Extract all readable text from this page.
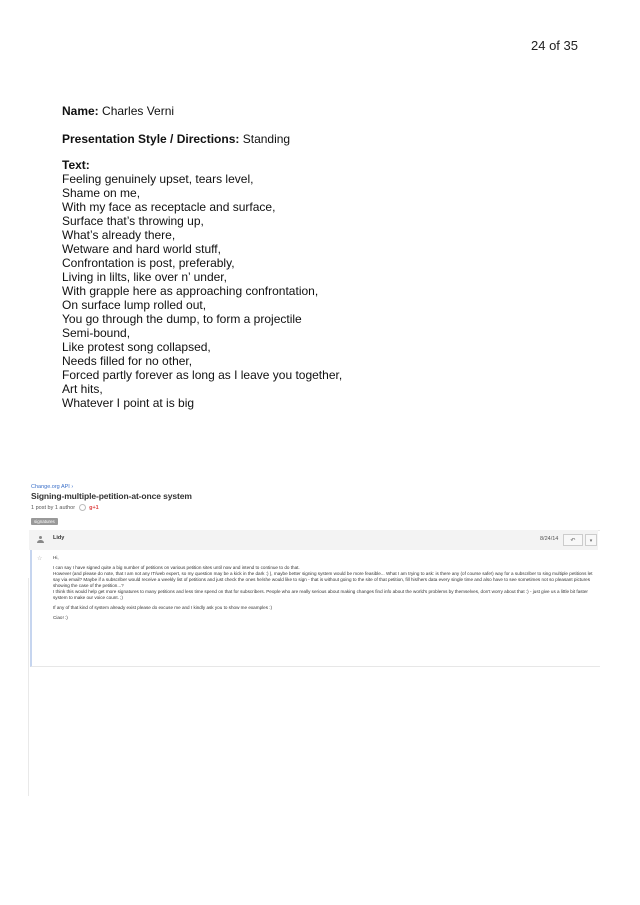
24 of 35
Name: Charles Verni
Presentation Style / Directions: Standing
Text:
Feeling genuinely upset, tears level,
Shame on me,
With my face as receptacle and surface,
Surface that’s throwing up,
What’s already there,
Wetware and hard world stuff,
Confrontation is post, preferably,
Living in lilts, like over n’ under,
With grapple here as approaching confrontation,
On surface lump rolled out,
You go through the dump, to form a projectile
Semi-bound,
Like protest song collapsed,
Needs filled for no other,
Forced partly forever as long as I leave you together,
Art hits,
Whatever I point at is big
Change.org API ›
Signing-multiple-petition-at-once system
1 post by 1 author	g+1
signatures
Lidy	8/24/14	↶	▾
☆ Hi,

I can say I have signed quite a big number of petitions on various petition sites until now and intend to continue to do that.

However (and please do note, that I am not any IT/web expert, so my question may be a kick in the dark :) ), maybe better signing system would be more feasible... What I am trying to ask: is there any (of course safe!) way for a subscriber to sing multiple petitions let say via email? Maybe if a subscriber would receive a weekly list of petitions and just check the ones he/she would like to sign - that is without going to the site of that petition, fill his/hers data every single time and also have to see sometimes not so pleasant pictures showing the case of the petition...?

I think this would help get more signatures to many petitions and less time spend on that for subscribers. People who are really serious about making changes find info about the world's problems by themselves, don't worry about that :) - just give us a little bit faster system to make our voice count. ;)

If any of that kind of system already exist please do excuse me and I kindly ask you to show me examples :)

Ciao! :)
